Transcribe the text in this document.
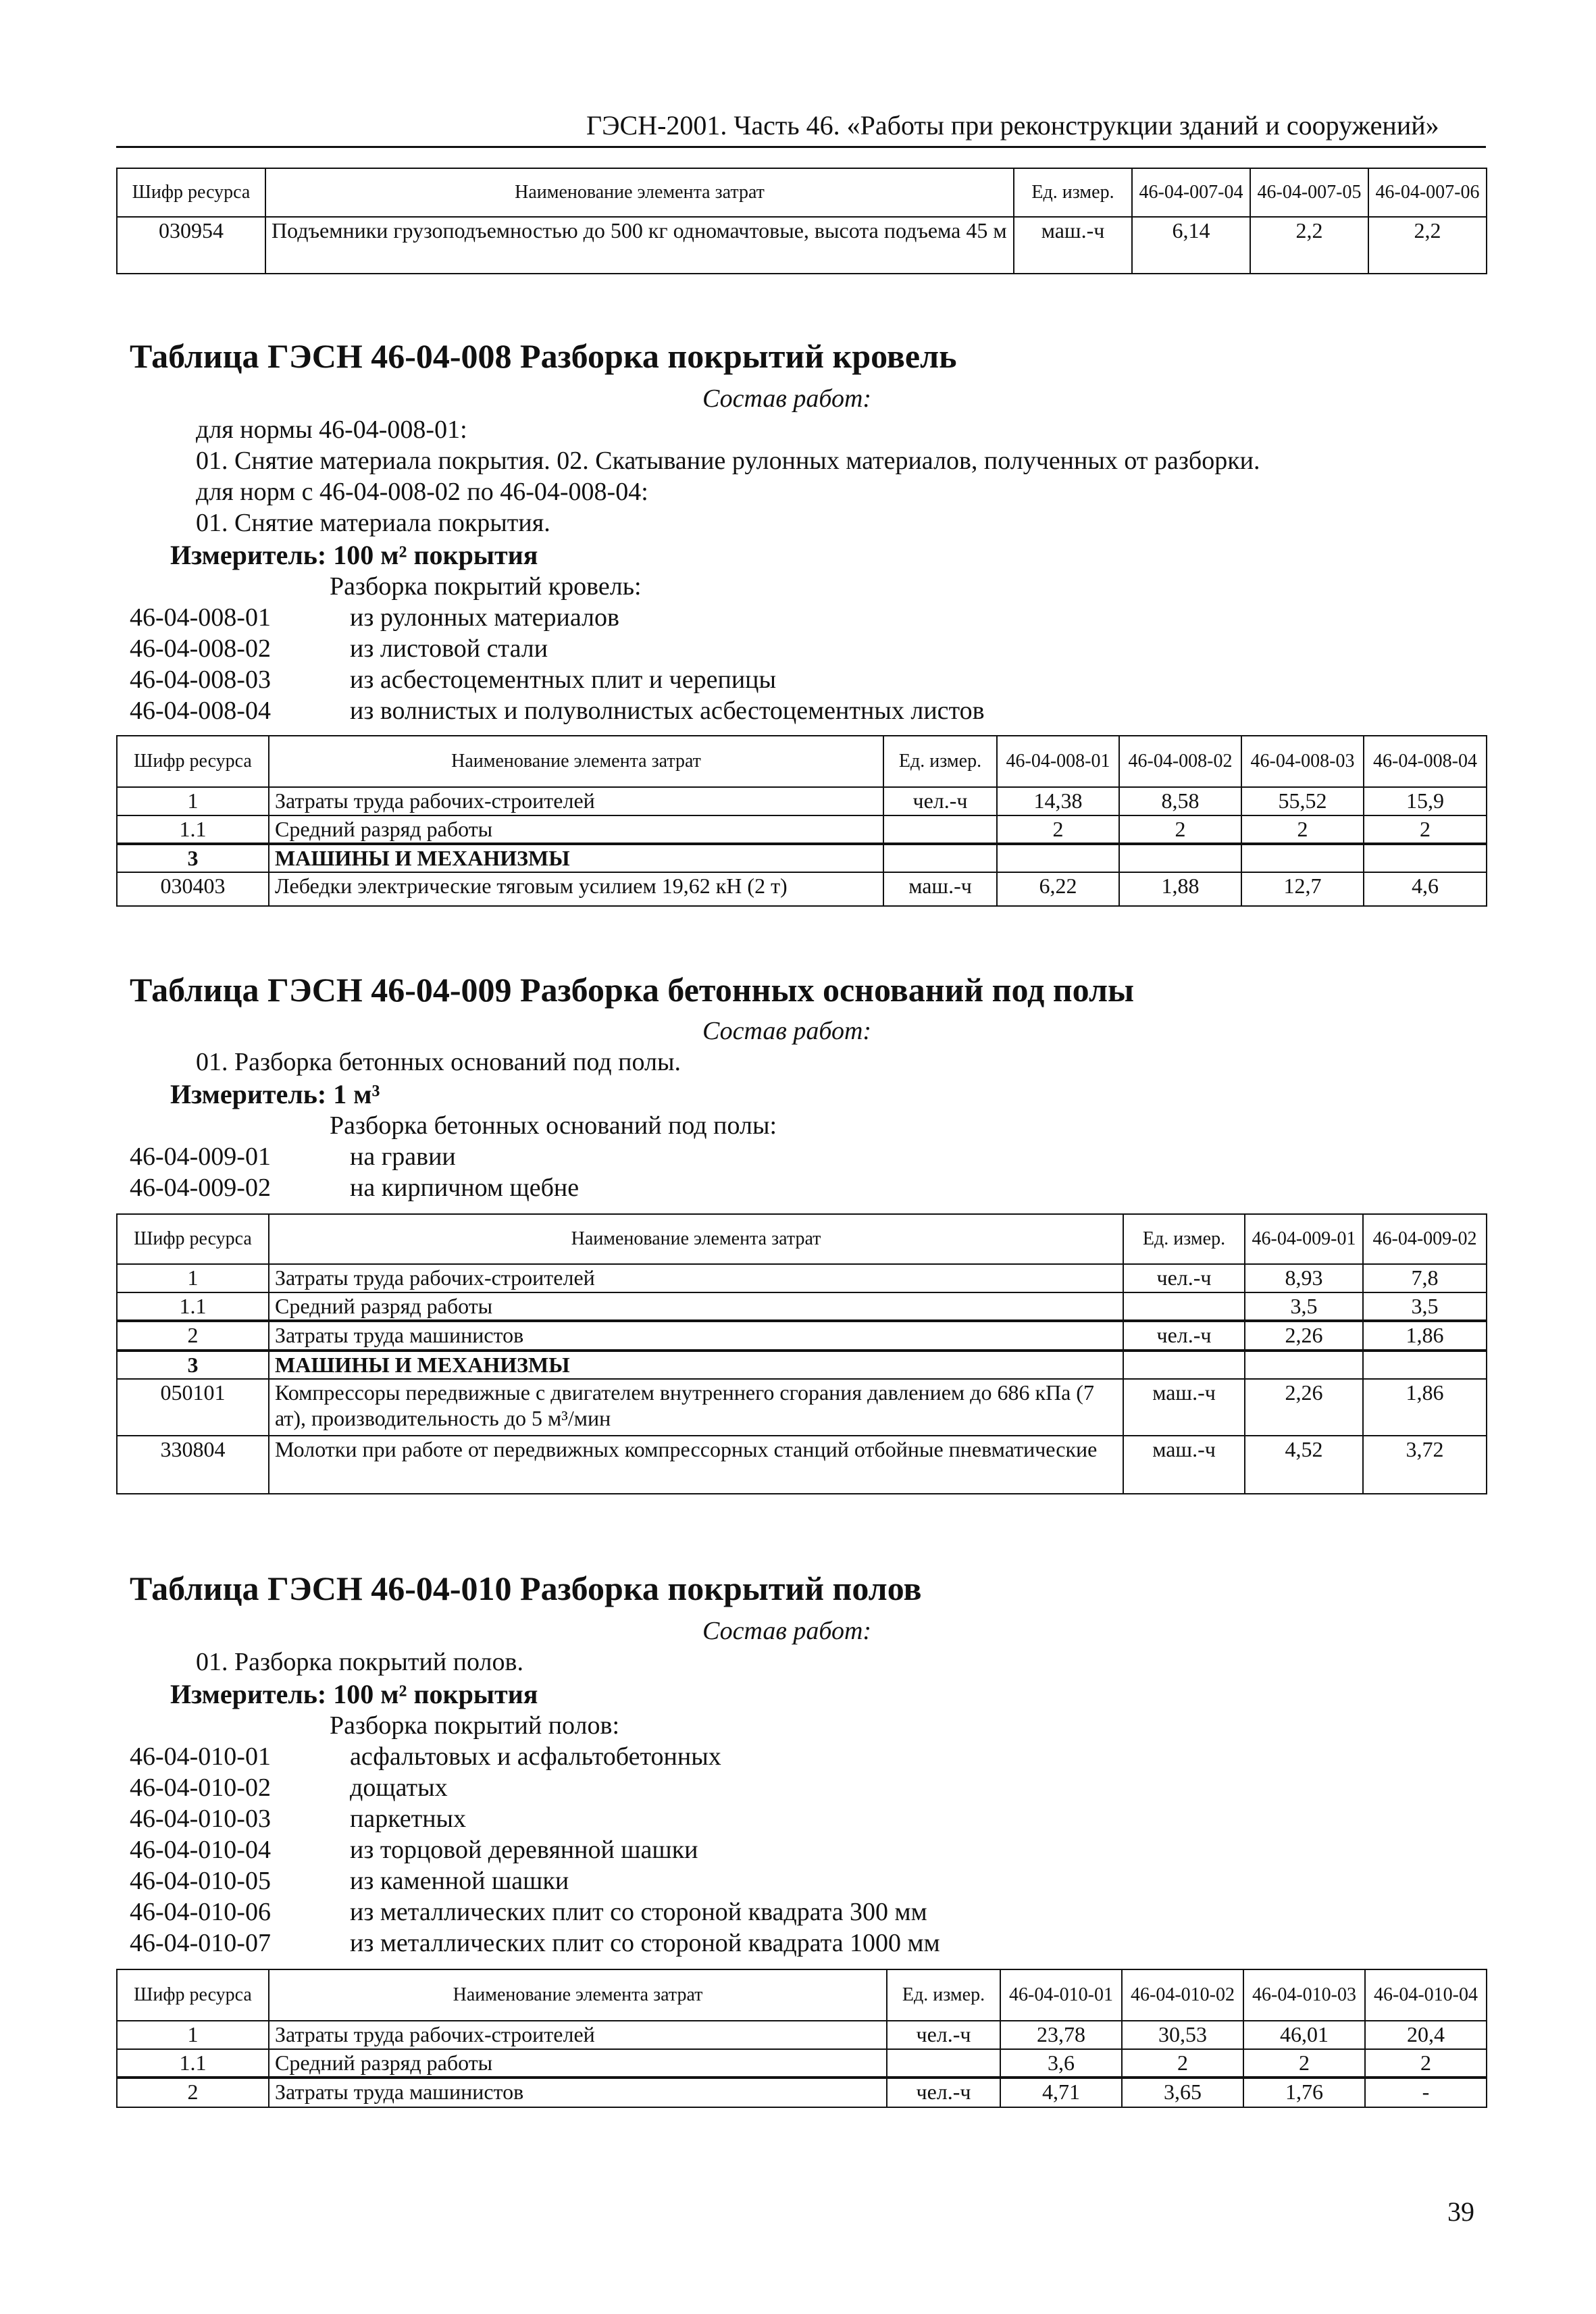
ГЭСН-2001. Часть 46. «Работы при реконструкции зданий и сооружений»
Шифр ресурса	Наименование элемента затрат	Ед. измер.	46-04-007-04	46-04-007-05	46-04-007-06
030954	Подъемники грузоподъемностью до 500 кг одномачтовые, высота подъема 45 м	маш.-ч	6,14	2,2	2,2
Таблица ГЭСН 46-04-008 Разборка покрытий кровель
Состав работ:
для нормы 46-04-008-01:
01. Снятие материала покрытия. 02. Скатывание рулонных материалов, полученных от разборки.
для норм с 46-04-008-02 по 46-04-008-04:
01. Снятие материала покрытия.
Измеритель: 100 м² покрытия
Разборка покрытий кровель:
46-04-008-01	из рулонных материалов
46-04-008-02	из листовой стали
46-04-008-03	из асбестоцементных плит и черепицы
46-04-008-04	из волнистых и полуволнистых асбестоцементных листов
Шифр ресурса	Наименование элемента затрат	Ед. измер.	46-04-008-01	46-04-008-02	46-04-008-03	46-04-008-04
1	Затраты труда рабочих-строителей	чел.-ч	14,38	8,58	55,52	15,9
1.1	Средний разряд работы		2	2	2	2
3	МАШИНЫ И МЕХАНИЗМЫ					
030403	Лебедки электрические тяговым усилием 19,62 кН (2 т)	маш.-ч	6,22	1,88	12,7	4,6
Таблица ГЭСН 46-04-009 Разборка бетонных оснований под полы
Состав работ:
01. Разборка бетонных оснований под полы.
Измеритель: 1 м³
Разборка бетонных оснований под полы:
46-04-009-01	на гравии
46-04-009-02	на кирпичном щебне
Шифр ресурса	Наименование элемента затрат	Ед. измер.	46-04-009-01	46-04-009-02
1	Затраты труда рабочих-строителей	чел.-ч	8,93	7,8
1.1	Средний разряд работы		3,5	3,5
2	Затраты труда машинистов	чел.-ч	2,26	1,86
3	МАШИНЫ И МЕХАНИЗМЫ			
050101	Компрессоры передвижные с двигателем внутреннего сгорания давлением до 686 кПа (7 ат), производительность до 5 м³/мин	маш.-ч	2,26	1,86
330804	Молотки при работе от передвижных компрессорных станций отбойные пневматические	маш.-ч	4,52	3,72
Таблица ГЭСН 46-04-010 Разборка покрытий полов
Состав работ:
01. Разборка покрытий полов.
Измеритель: 100 м² покрытия
Разборка покрытий полов:
46-04-010-01	асфальтовых и асфальтобетонных
46-04-010-02	дощатых
46-04-010-03	паркетных
46-04-010-04	из торцовой деревянной шашки
46-04-010-05	из каменной шашки
46-04-010-06	из металлических плит со стороной квадрата 300 мм
46-04-010-07	из металлических плит со стороной квадрата 1000 мм
Шифр ресурса	Наименование элемента затрат	Ед. измер.	46-04-010-01	46-04-010-02	46-04-010-03	46-04-010-04
1	Затраты труда рабочих-строителей	чел.-ч	23,78	30,53	46,01	20,4
1.1	Средний разряд работы		3,6	2	2	2
2	Затраты труда машинистов	чел.-ч	4,71	3,65	1,76	-
39
